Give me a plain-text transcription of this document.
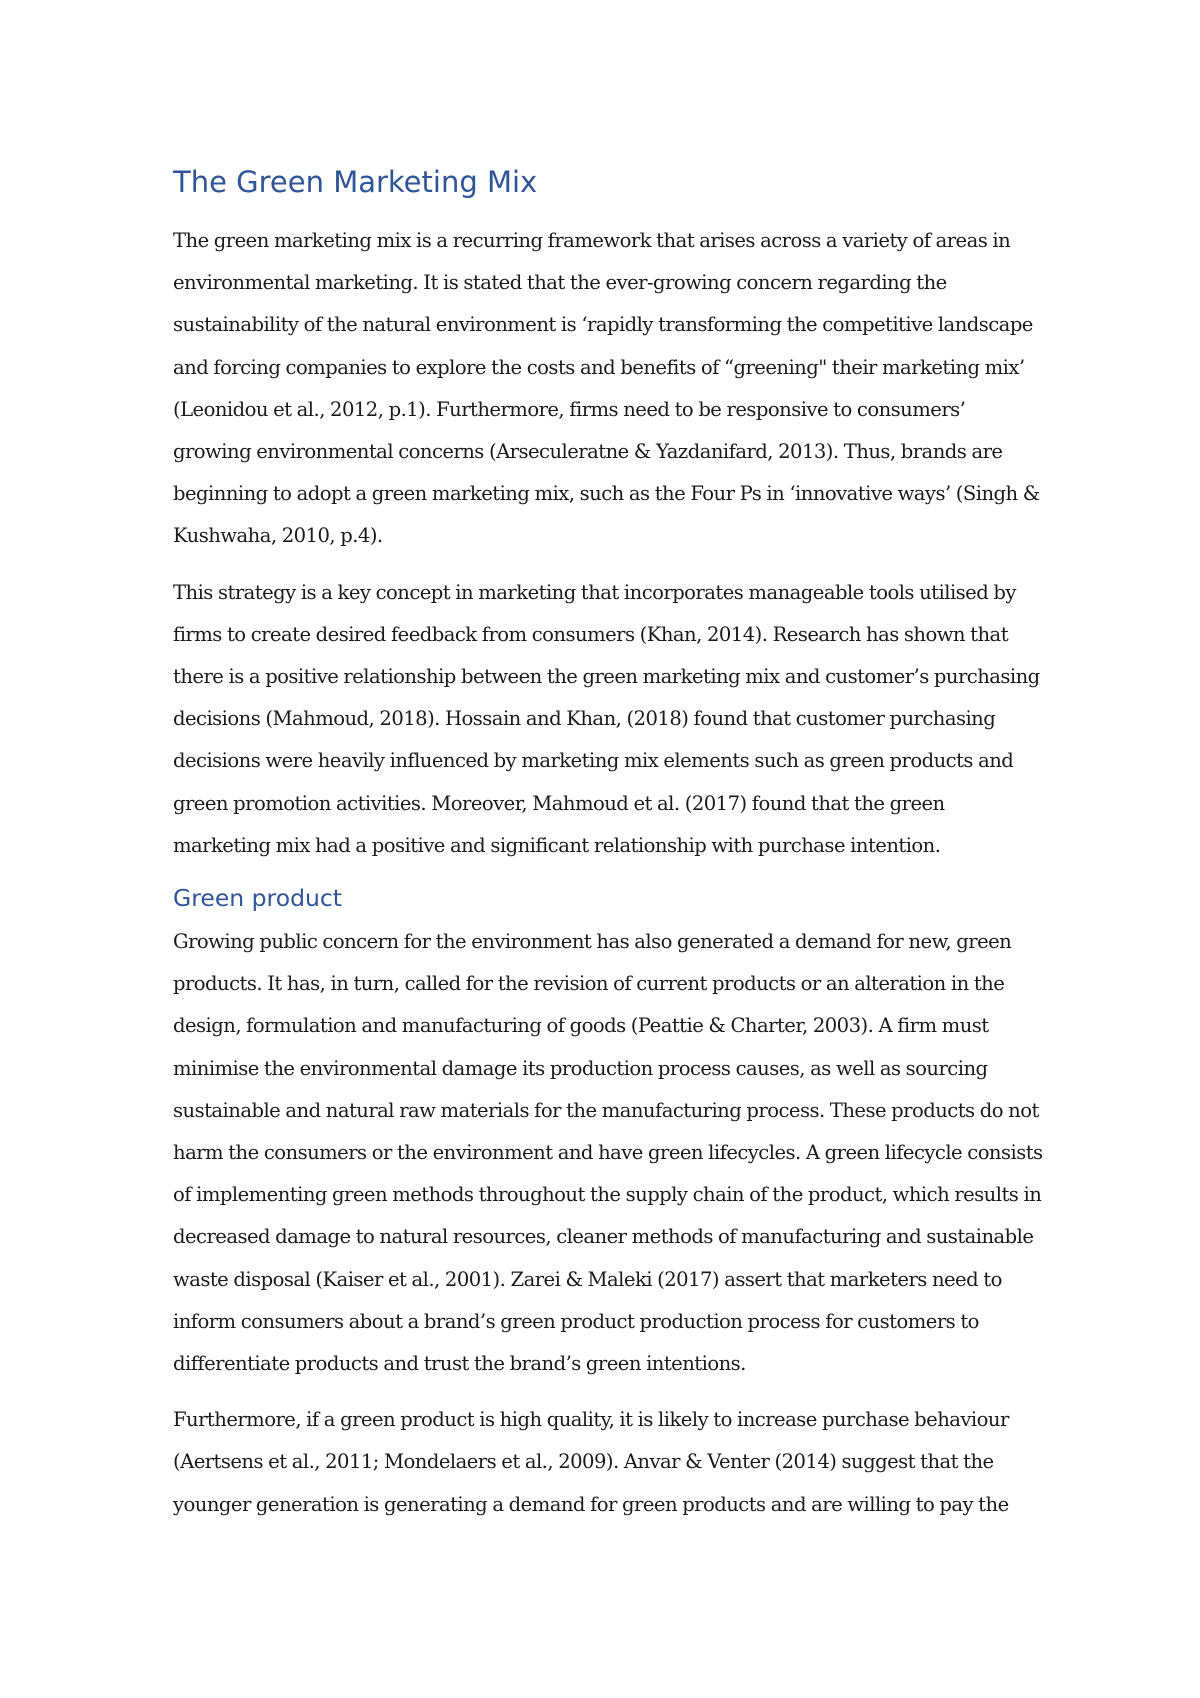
The Green Marketing Mix

The green marketing mix is a recurring framework that arises across a variety of areas in environmental marketing. It is stated that the ever-growing concern regarding the sustainability of the natural environment is ‘rapidly transforming the competitive landscape and forcing companies to explore the costs and benefits of “greening" their marketing mix’ (Leonidou et al., 2012, p.1). Furthermore, firms need to be responsive to consumers’ growing environmental concerns (Arseculeratne & Yazdanifard, 2013). Thus, brands are beginning to adopt a green marketing mix, such as the Four Ps in ‘innovative ways’ (Singh & Kushwaha, 2010, p.4).

This strategy is a key concept in marketing that incorporates manageable tools utilised by firms to create desired feedback from consumers (Khan, 2014). Research has shown that there is a positive relationship between the green marketing mix and customer’s purchasing decisions (Mahmoud, 2018). Hossain and Khan, (2018) found that customer purchasing decisions were heavily influenced by marketing mix elements such as green products and green promotion activities. Moreover, Mahmoud et al. (2017) found that the green marketing mix had a positive and significant relationship with purchase intention.

Green product

Growing public concern for the environment has also generated a demand for new, green products. It has, in turn, called for the revision of current products or an alteration in the design, formulation and manufacturing of goods (Peattie & Charter, 2003). A firm must minimise the environmental damage its production process causes, as well as sourcing sustainable and natural raw materials for the manufacturing process. These products do not harm the consumers or the environment and have green lifecycles. A green lifecycle consists of implementing green methods throughout the supply chain of the product, which results in decreased damage to natural resources, cleaner methods of manufacturing and sustainable waste disposal (Kaiser et al., 2001). Zarei & Maleki (2017) assert that marketers need to inform consumers about a brand’s green product production process for customers to differentiate products and trust the brand’s green intentions.

Furthermore, if a green product is high quality, it is likely to increase purchase behaviour (Aertsens et al., 2011; Mondelaers et al., 2009). Anvar & Venter (2014) suggest that the younger generation is generating a demand for green products and are willing to pay the
